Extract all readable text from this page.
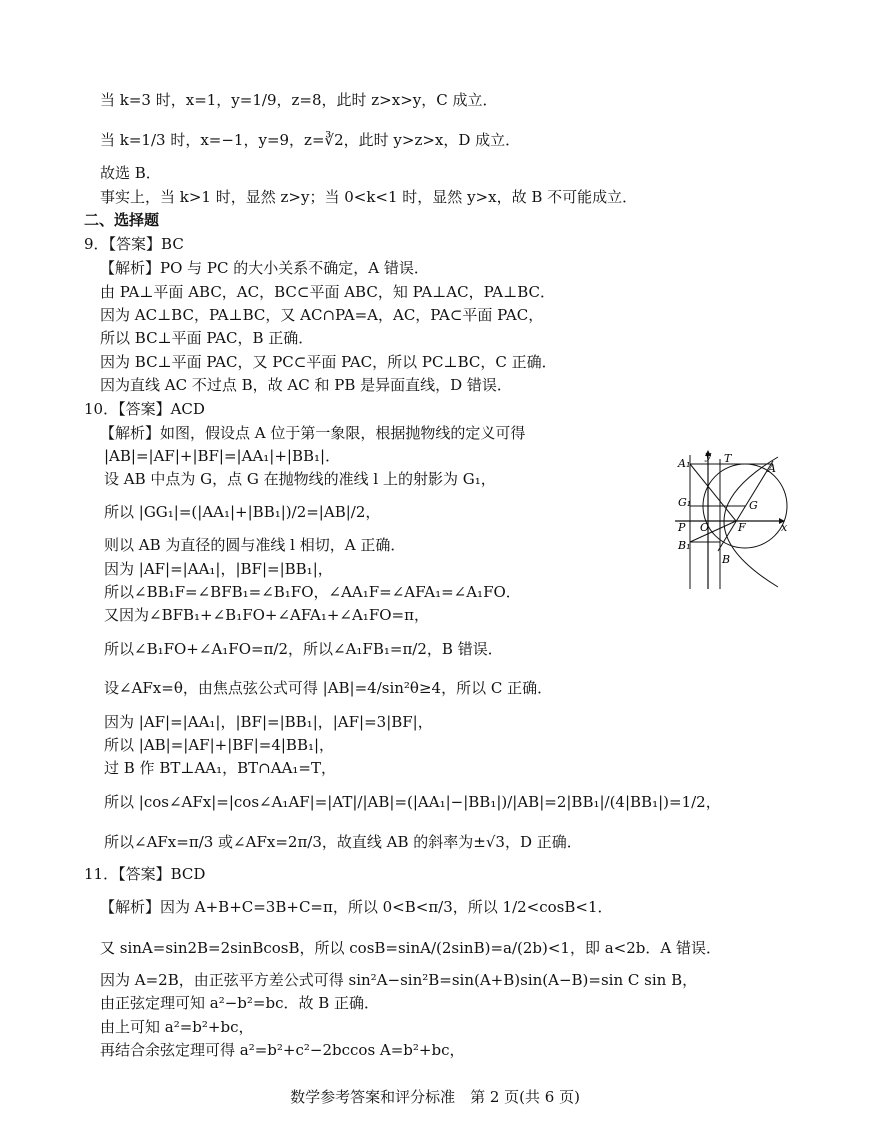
当 k=3 时，x=1，y=1/9，z=8，此时 z>x>y，C 成立．
当 k=1/3 时，x=−1，y=9，z=∛2，此时 y>z>x，D 成立．
故选 B．
事实上，当 k>1 时，显然 z>y；当 0<k<1 时，显然 y>x，故 B 不可能成立．
二、选择题
9．【答案】BC
【解析】PO 与 PC 的大小关系不确定，A 错误．
由 PA⊥平面 ABC，AC，BC⊂平面 ABC，知 PA⊥AC，PA⊥BC．
因为 AC⊥BC，PA⊥BC，又 AC∩PA=A，AC，PA⊂平面 PAC，
所以 BC⊥平面 PAC，B 正确．
因为 BC⊥平面 PAC，又 PC⊂平面 PAC，所以 PC⊥BC，C 正确．
因为直线 AC 不过点 B，故 AC 和 PB 是异面直线，D 错误．
10．【答案】ACD
【解析】如图，假设点 A 位于第一象限，根据抛物线的定义可得
|AB|=|AF|+|BF|=|AA₁|+|BB₁|．
设 AB 中点为 G，点 G 在抛物线的准线 l 上的射影为 G₁，
所以 |GG₁|=(|AA₁|+|BB₁|)/2=|AB|/2，
则以 AB 为直径的圆与准线 l 相切，A 正确．
因为 |AF|=|AA₁|，|BF|=|BB₁|，
所以∠BB₁F=∠BFB₁=∠B₁FO，∠AA₁F=∠AFA₁=∠A₁FO．
又因为∠BFB₁+∠B₁FO+∠AFA₁+∠A₁FO=π，
所以∠B₁FO+∠A₁FO=π/2，所以∠A₁FB₁=π/2，B 错误．
设∠AFx=θ，由焦点弦公式可得 |AB|=4/sin²θ≥4，所以 C 正确．
因为 |AF|=|AA₁|，|BF|=|BB₁|，|AF|=3|BF|，
所以 |AB|=|AF|+|BF|=4|BB₁|，
过 B 作 BT⊥AA₁，BT∩AA₁=T，
所以 |cos∠AFx|=|cos∠A₁AF|=|AT|/|AB|=(|AA₁|−|BB₁|)/|AB|=2|BB₁|/(4|BB₁|)=1/2，
所以∠AFx=π/3 或∠AFx=2π/3，故直线 AB 的斜率为±√3，D 正确．
11．【答案】BCD
【解析】因为 A+B+C=3B+C=π，所以 0<B<π/3，所以 1/2<cosB<1．
又 sinA=sin2B=2sinBcosB，所以 cosB=sinA/(2sinB)=a/(2b)<1，即 a<2b．A 错误．
因为 A=2B，由正弦平方差公式可得 sin²A−sin²B=sin(A+B)sin(A−B)=sin C sin B，
由正弦定理可知 a²−b²=bc．故 B 正确．
由上可知 a²=b²+bc，
再结合余弦定理可得 a²=b²+c²−2bccos A=b²+bc，
y T
A₁	A
G₁	G
P O	F	x
B₁
B
数学参考答案和评分标准　第 2 页(共 6 页)
